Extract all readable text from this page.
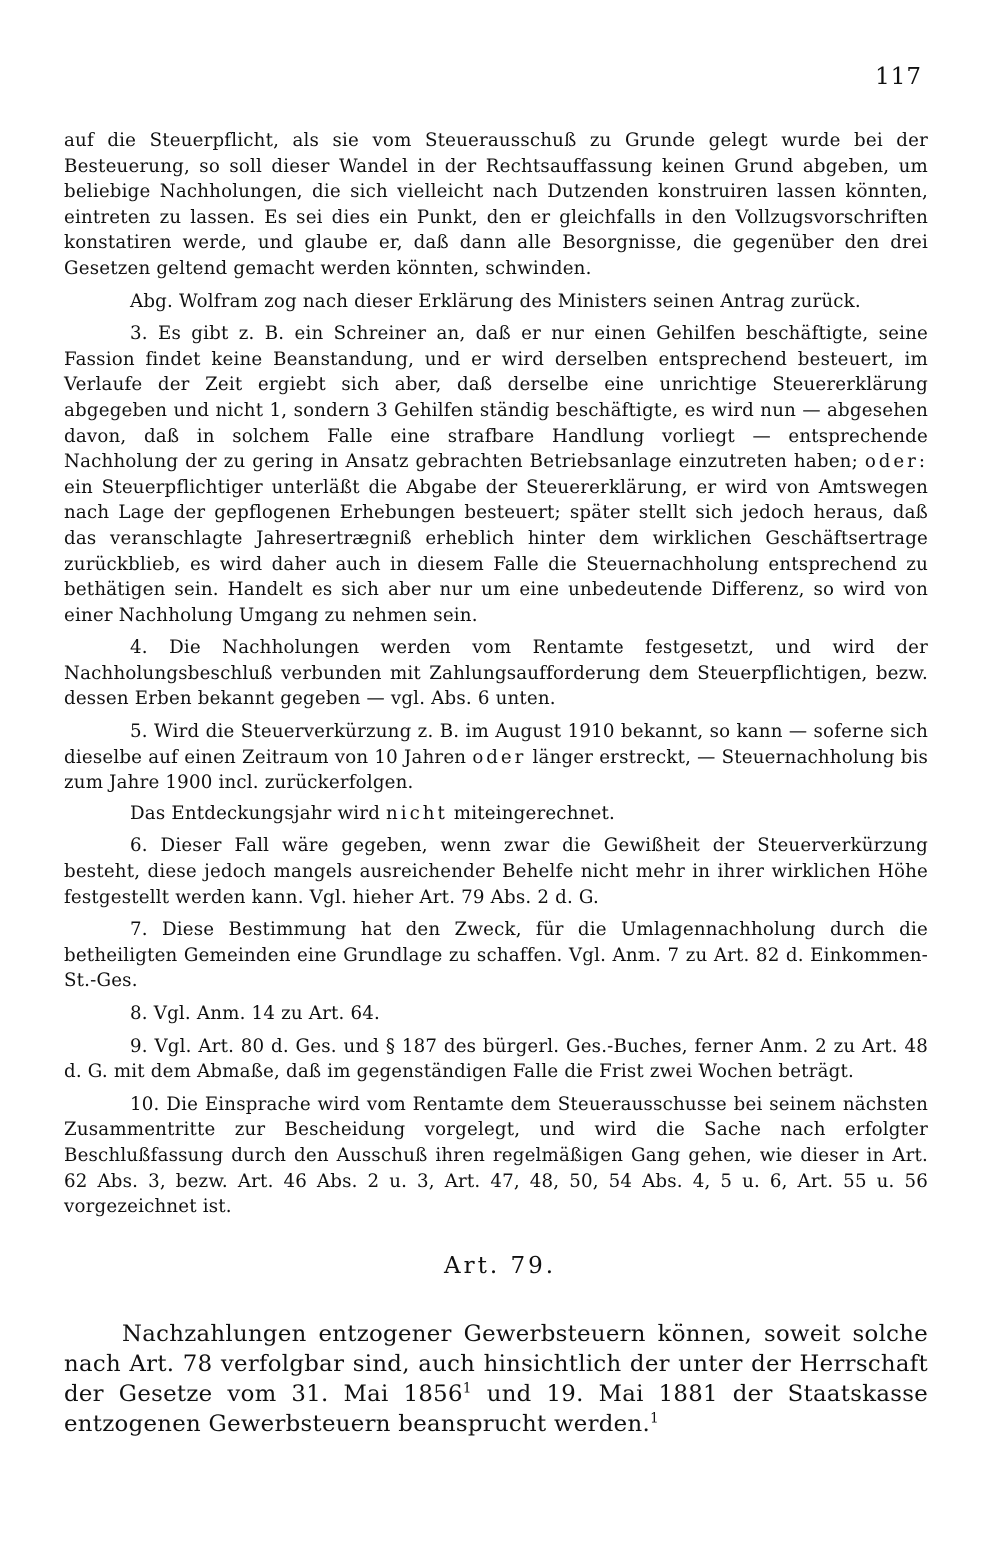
117

auf die Steuerpflicht, als sie vom Steuerausschuß zu Grunde gelegt wurde bei der Besteuerung, so soll dieser Wandel in der Rechtsauffassung keinen Grund abgeben, um beliebige Nachholungen, die sich vielleicht nach Dutzenden konstruiren lassen könnten, eintreten zu lassen. Es sei dies ein Punkt, den er gleichfalls in den Vollzugsvorschriften konstatiren werde, und glaube er, daß dann alle Besorgnisse, die gegenüber den drei Gesetzen geltend gemacht werden könnten, schwinden.

Abg. Wolfram zog nach dieser Erklärung des Ministers seinen Antrag zurück.

3. Es gibt z. B. ein Schreiner an, daß er nur einen Gehilfen beschäftigte, seine Fassion findet keine Beanstandung, und er wird derselben entsprechend besteuert, im Verlaufe der Zeit ergiebt sich aber, daß derselbe eine unrichtige Steuererklärung abgegeben und nicht 1, sondern 3 Gehilfen ständig beschäftigte, es wird nun — abgesehen davon, daß in solchem Falle eine strafbare Handlung vorliegt — entsprechende Nachholung der zu gering in Ansatz gebrachten Betriebsanlage einzutreten haben; oder: ein Steuerpflichtiger unterläßt die Abgabe der Steuererklärung, er wird von Amtswegen nach Lage der gepflogenen Erhebungen besteuert; später stellt sich jedoch heraus, daß das veranschlagte Jahresertrægniß erheblich hinter dem wirklichen Geschäftsertrage zurückblieb, es wird daher auch in diesem Falle die Steuernachholung entsprechend zu bethätigen sein. Handelt es sich aber nur um eine unbedeutende Differenz, so wird von einer Nachholung Umgang zu nehmen sein.

4. Die Nachholungen werden vom Rentamte festgesetzt, und wird der Nachholungsbeschluß verbunden mit Zahlungsaufforderung dem Steuerpflichtigen, bezw. dessen Erben bekannt gegeben — vgl. Abs. 6 unten.

5. Wird die Steuerverkürzung z. B. im August 1910 bekannt, so kann — soferne sich dieselbe auf einen Zeitraum von 10 Jahren oder länger erstreckt, — Steuernachholung bis zum Jahre 1900 incl. zurückerfolgen.

Das Entdeckungsjahr wird nicht miteingerechnet.

6. Dieser Fall wäre gegeben, wenn zwar die Gewißheit der Steuerverkürzung besteht, diese jedoch mangels ausreichender Behelfe nicht mehr in ihrer wirklichen Höhe festgestellt werden kann. Vgl. hieher Art. 79 Abs. 2 d. G.

7. Diese Bestimmung hat den Zweck, für die Umlagennachholung durch die betheiligten Gemeinden eine Grundlage zu schaffen. Vgl. Anm. 7 zu Art. 82 d. Einkommen-St.-Ges.

8. Vgl. Anm. 14 zu Art. 64.

9. Vgl. Art. 80 d. Ges. und § 187 des bürgerl. Ges.-Buches, ferner Anm. 2 zu Art. 48 d. G. mit dem Abmaße, daß im gegenständigen Falle die Frist zwei Wochen beträgt.

10. Die Einsprache wird vom Rentamte dem Steuerausschusse bei seinem nächsten Zusammentritte zur Bescheidung vorgelegt, und wird die Sache nach erfolgter Beschlußfassung durch den Ausschuß ihren regelmäßigen Gang gehen, wie dieser in Art. 62 Abs. 3, bezw. Art. 46 Abs. 2 u. 3, Art. 47, 48, 50, 54 Abs. 4, 5 u. 6, Art. 55 u. 56 vorgezeichnet ist.

Art. 79.

Nachzahlungen entzogener Gewerbsteuern können, soweit solche nach Art. 78 verfolgbar sind, auch hinsichtlich der unter der Herrschaft der Gesetze vom 31. Mai 1856$^1$ und 19. Mai 1881 der Staatskasse entzogenen Gewerbsteuern beansprucht werden.$^1$
